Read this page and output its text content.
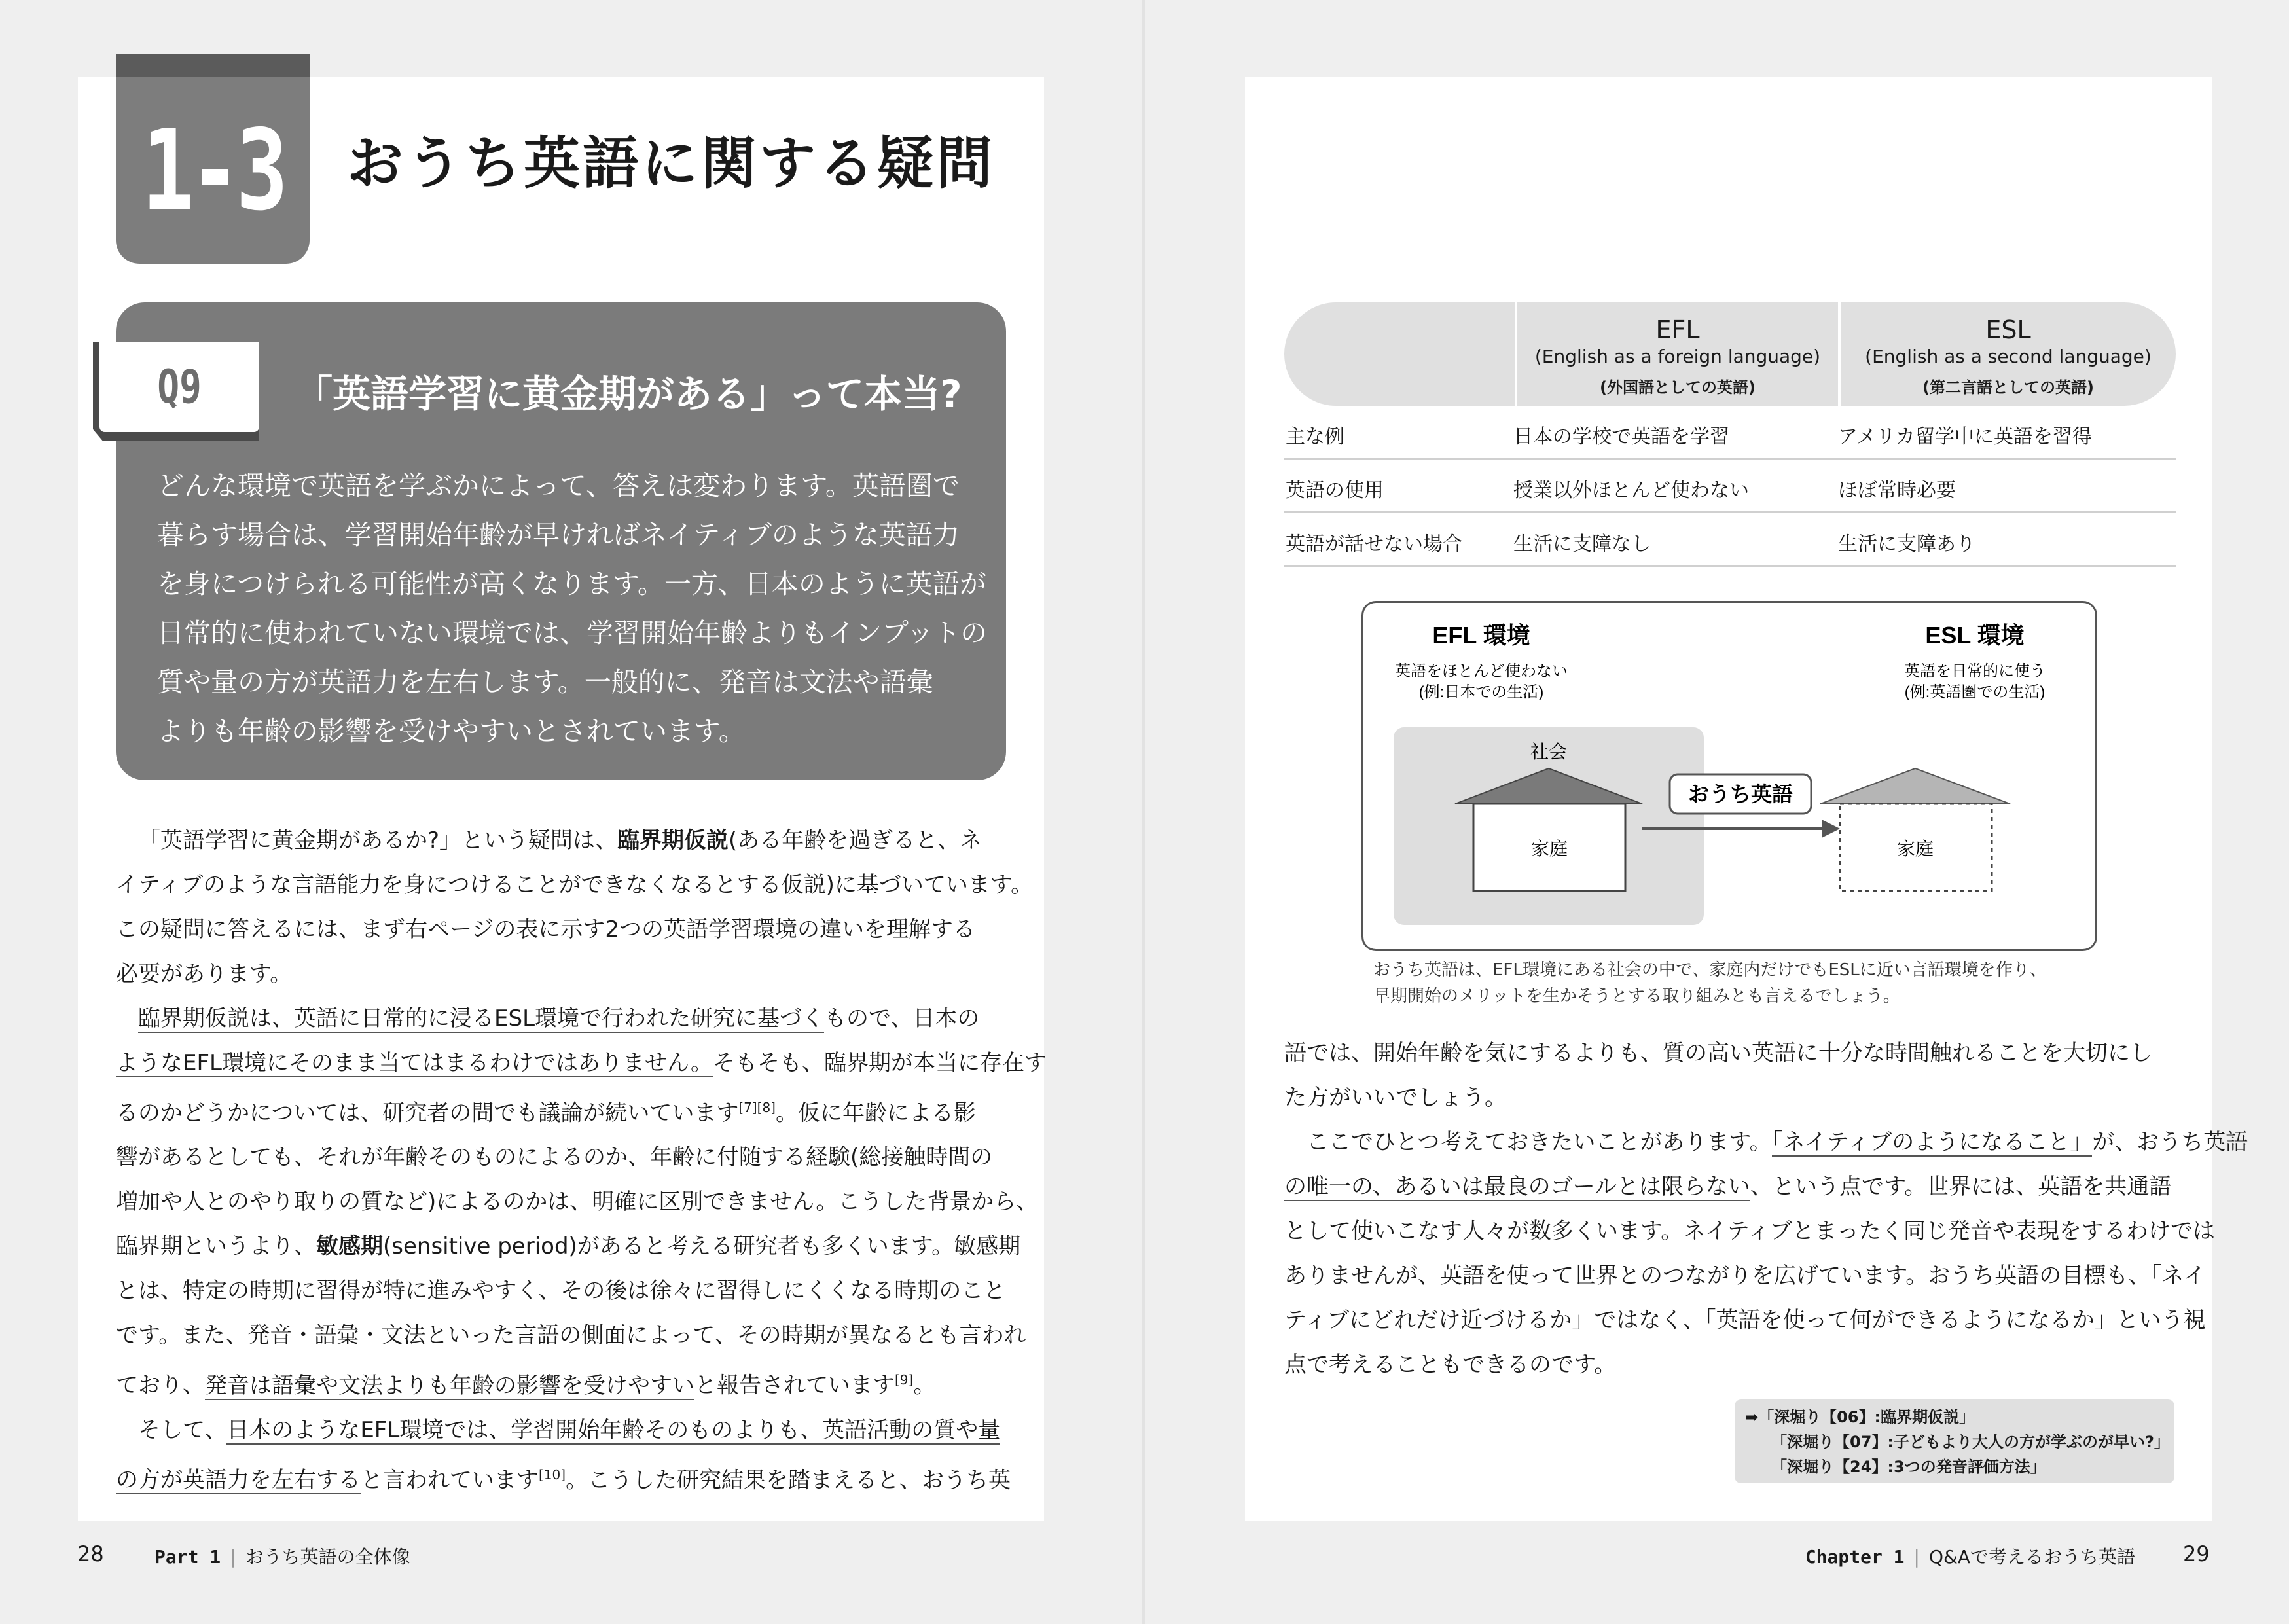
1-3 おうち英語に関する疑問
Q9 「英語学習に黄金期がある」って本当?

どんな環境で英語を学ぶかによって、答えは変わります。英語圏で

暮らす場合は、学習開始年齢が早ければネイティブのような英語力

を身につけられる可能性が高くなります。一方、日本のように英語が

日常的に使われていない環境では、学習開始年齢よりもインプットの

質や量の方が英語力を左右します。一般的に、発音は文法や語彙

よりも年齢の影響を受けやすいとされています。

「英語学習に黄金期があるか?」という疑問は、臨界期仮説(ある年齢を過ぎると、ネ

イティブのような言語能力を身につけることができなくなるとする仮説)に基づいています。

この疑問に答えるには、まず右ページの表に示す2つの英語学習環境の違いを理解する

必要があります。

臨界期仮説は、英語に日常的に浸るESL環境で行われた研究に基づくもので、日本の

ようなEFL環境にそのまま当てはまるわけではありません。そもそも、臨界期が本当に存在す

るのかどうかについては、研究者の間でも議論が続いています[7][8]。仮に年齢による影

響があるとしても、それが年齢そのものによるのか、年齢に付随する経験(総接触時間の

増加や人とのやり取りの質など)によるのかは、明確に区別できません。こうした背景から、

臨界期というより、敏感期(sensitive period)があると考える研究者も多くいます。敏感期

とは、特定の時期に習得が特に進みやすく、その後は徐々に習得しにくくなる時期のこと

です。また、発音・語彙・文法といった言語の側面によって、その時期が異なるとも言われ

ており、発音は語彙や文法よりも年齢の影響を受けやすいと報告されています[9]。

そして、日本のようなEFL環境では、学習開始年齢そのものよりも、英語活動の質や量

の方が英語力を左右すると言われています[10]。こうした研究結果を踏まえると、おうち英

EFL
(English as a foreign language)
(外国語としての英語)
ESL
(English as a second language)
(第二言語としての英語)
主な例	日本の学校で英語を学習	アメリカ留学中に英語を習得
英語の使用	授業以外ほとんど使わない	ほぼ常時必要
英語が話せない場合	生活に支障なし	生活に支障あり
EFL 環境
英語をほとんど使わない
(例:日本での生活)
ESL 環境
英語を日常的に使う
(例:英語圏での生活)
社会
家庭
おうち英語
家庭

おうち英語は、EFL環境にある社会の中で、家庭内だけでもESLに近い言語環境を作り、

早期開始のメリットを生かそうとする取り組みとも言えるでしょう。

語では、開始年齢を気にするよりも、質の高い英語に十分な時間触れることを大切にし

た方がいいでしょう。

ここでひとつ考えておきたいことがあります。「ネイティブのようになること」が、おうち英語

の唯一の、あるいは最良のゴールとは限らない、という点です。世界には、英語を共通語

として使いこなす人々が数多くいます。ネイティブとまったく同じ発音や表現をするわけでは

ありませんが、英語を使って世界とのつながりを広げています。おうち英語の目標も、「ネイ

ティブにどれだけ近づけるか」ではなく、「英語を使って何ができるようになるか」という視

点で考えることもできるのです。

➡「深堀り【06】:臨界期仮説」

「深堀り【07】:子どもより大人の方が学ぶのが早い?」

「深堀り【24】:3つの発音評価方法」

28	Part 1 | おうち英語の全体像	Chapter 1 | Q&Aで考えるおうち英語 29
